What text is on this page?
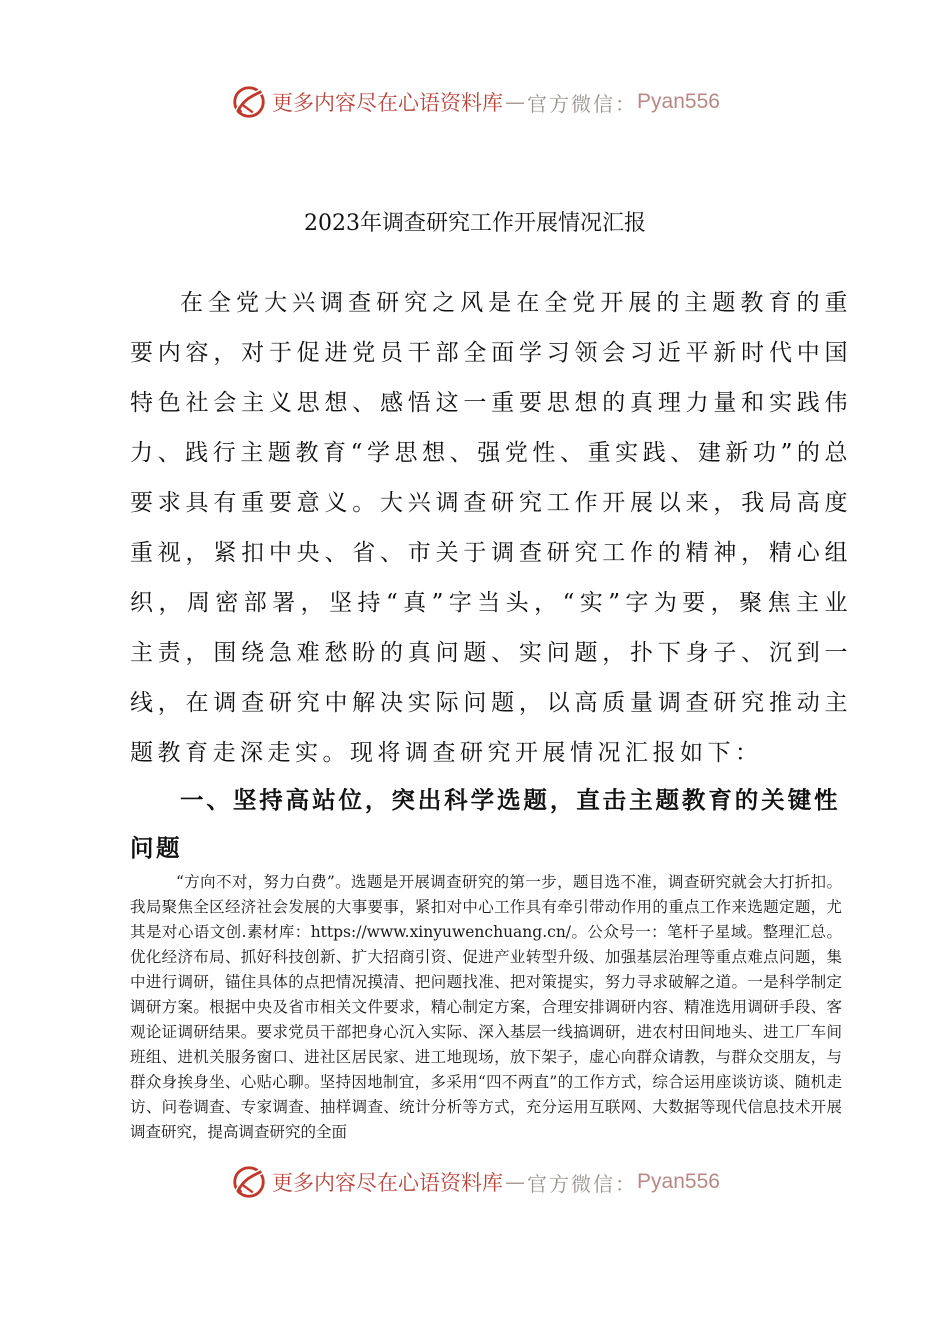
更多内容尽在心语资料库 — 官方微信： Pyan556
2023年调查研究工作开展情况汇报

在全党大兴调查研究之风是在全党开展的主题教育的重要内容，对于促进党员干部全面学习领会习近平新时代中国特色社会主义思想、感悟这一重要思想的真理力量和实践伟力、践行主题教育“学思想、强党性、重实践、建新功”的总要求具有重要意义。大兴调查研究工作开展以来，我局高度重视，紧扣中央、省、市关于调查研究工作的精神，精心组织，周密部署，坚持“真”字当头，“实”字为要，聚焦主业主责，围绕急难愁盼的真问题、实问题，扑下身子、沉到一线，在调查研究中解决实际问题，以高质量调查研究推动主题教育走深走实。现将调查研究开展情况汇报如下：

一、坚持高站位，突出科学选题，直击主题教育的关键性问题

“方向不对，努力白费”。选题是开展调查研究的第一步，题目选不准，调查研究就会大打折扣。我局聚焦全区经济社会发展的大事要事，紧扣对中心工作具有牵引带动作用的重点工作来选题定题，尤其是对心语文创.素材库：https://www.xinyuwenchuang.cn/。公众号一：笔杆子星域。整理汇总。优化经济布局、抓好科技创新、扩大招商引资、促进产业转型升级、加强基层治理等重点难点问题，集中进行调研，锚住具体的点把情况摸清、把问题找准、把对策提实，努力寻求破解之道。一是科学制定调研方案。根据中央及省市相关文件要求，精心制定方案，合理安排调研内容、精准选用调研手段、客观论证调研结果。要求党员干部把身心沉入实际、深入基层一线搞调研，进农村田间地头、进工厂车间班组、进机关服务窗口、进社区居民家、进工地现场，放下架子，虚心向群众请教，与群众交朋友，与群众身挨身坐、心贴心聊。坚持因地制宜，多采用“四不两直”的工作方式，综合运用座谈访谈、随机走访、问卷调查、专家调查、抽样调查、统计分析等方式，充分运用互联网、大数据等现代信息技术开展调查研究，提高调查研究的全面

更多内容尽在心语资料库 — 官方微信： Pyan556
